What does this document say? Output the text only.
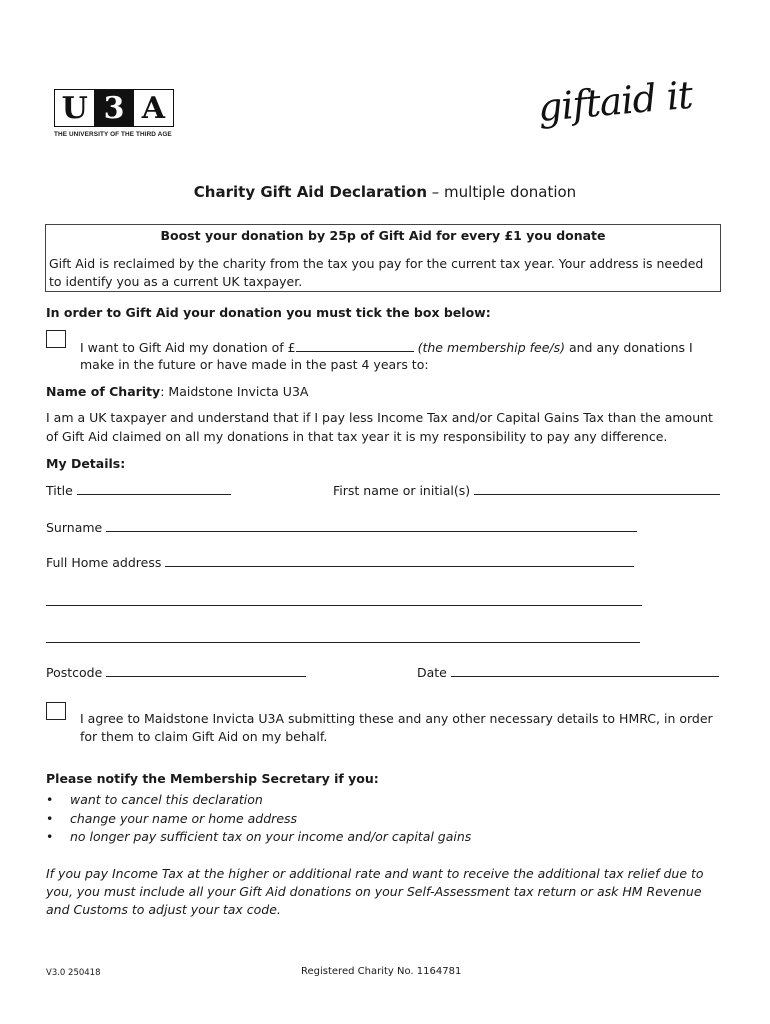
U 3 A
THE UNIVERSITY OF THE THIRD AGE
giftaid it
Charity Gift Aid Declaration – multiple donation
Boost your donation by 25p of Gift Aid for every £1 you donate
Gift Aid is reclaimed by the charity from the tax you pay for the current tax year. Your address is needed to identify you as a current UK taxpayer.
In order to Gift Aid your donation you must tick the box below:
I want to Gift Aid my donation of £	(the membership fee/s) and any donations I
make in the future or have made in the past 4 years to:
Name of Charity: Maidstone Invicta U3A
I am a UK taxpayer and understand that if I pay less Income Tax and/or Capital Gains Tax than the amount
of Gift Aid claimed on all my donations in that tax year it is my responsibility to pay any difference.
My Details:
Title	First name or initial(s)
Surname
Full Home address
Postcode	Date
I agree to Maidstone Invicta U3A submitting these and any other necessary details to HMRC, in order
for them to claim Gift Aid on my behalf.
Please notify the Membership Secretary if you:
• want to cancel this declaration
• change your name or home address
• no longer pay sufficient tax on your income and/or capital gains
If you pay Income Tax at the higher or additional rate and want to receive the additional tax relief due to
you, you must include all your Gift Aid donations on your Self-Assessment tax return or ask HM Revenue
and Customs to adjust your tax code.
V3.0 250418	Registered Charity No. 1164781
